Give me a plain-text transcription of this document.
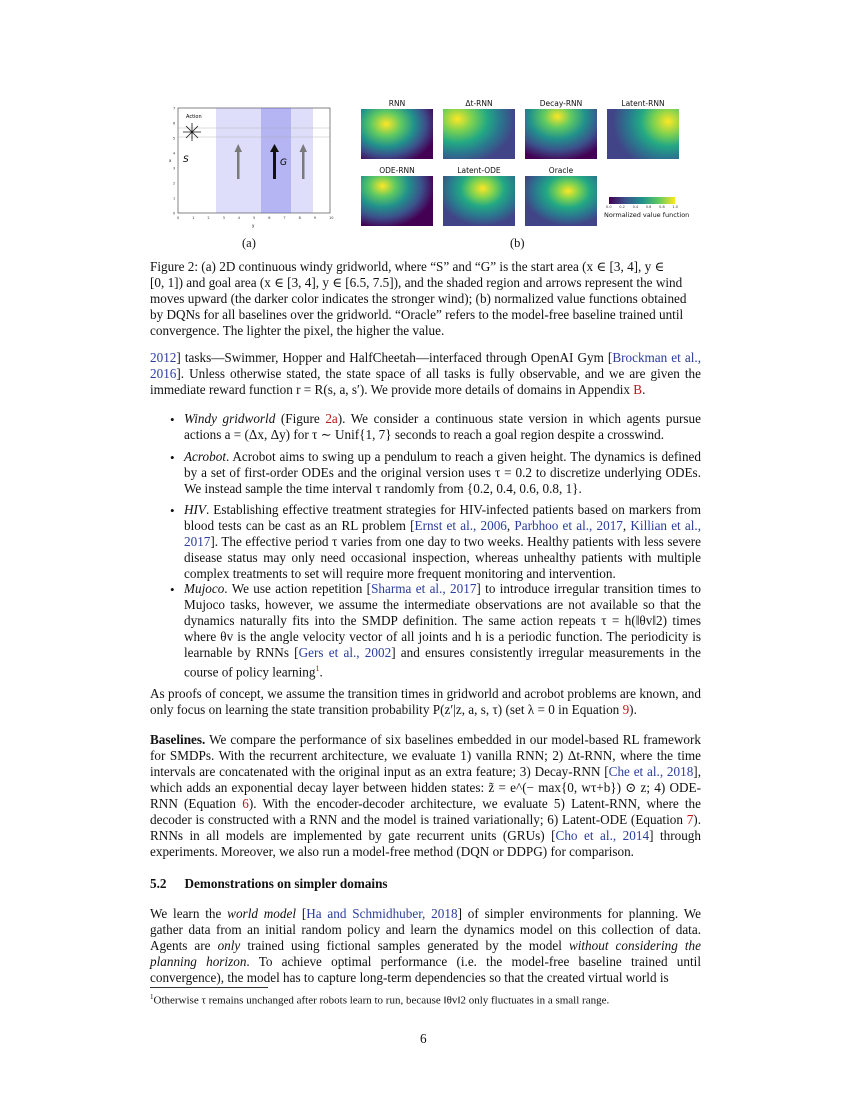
Action
S	G
x
y
0	1	2	3	4	5	6	7	8	9	10
0
1
2
3
4
5
6
7
(a)
RNN	Δt-RNN	Decay-RNN	Latent-RNN
ODE-RNN	Latent-ODE	Oracle
0.0 0.2 0.4 0.6 0.8 1.0
Normalized value function
(b)
Figure 2: (a) 2D continuous windy gridworld, where “S” and “G” is the start area (x ∈ [3, 4], y ∈
[0, 1]) and goal area (x ∈ [3, 4], y ∈ [6.5, 7.5]), and the shaded region and arrows represent the wind
moves upward (the darker color indicates the stronger wind); (b) normalized value functions obtained
by DQNs for all baselines over the gridworld. “Oracle” refers to the model-free baseline trained until
convergence. The lighter the pixel, the higher the value.

2012] tasks—Swimmer, Hopper and HalfCheetah—interfaced through OpenAI Gym [Brockman et al., 2016]. Unless otherwise stated, the state space of all tasks is fully observable, and we are given the immediate reward function r = R(s, a, s′). We provide more details of domains in Appendix B.

• Windy gridworld (Figure 2a). We consider a continuous state version in which agents pursue actions a = (Δx, Δy) for τ ∼ Unif{1, 7} seconds to reach a goal region despite a crosswind.

• Acrobot. Acrobot aims to swing up a pendulum to reach a given height. The dynamics is defined by a set of first-order ODEs and the original version uses τ = 0.2 to discretize underlying ODEs. We instead sample the time interval τ randomly from {0.2, 0.4, 0.6, 0.8, 1}.

• HIV. Establishing effective treatment strategies for HIV-infected patients based on markers from blood tests can be cast as an RL problem [Ernst et al., 2006, Parbhoo et al., 2017, Killian et al., 2017]. The effective period τ varies from one day to two weeks. Healthy patients with less severe disease status may only need occasional inspection, whereas unhealthy patients with multiple complex treatments to set will require more frequent monitoring and intervention.

• Mujoco. We use action repetition [Sharma et al., 2017] to introduce irregular transition times to Mujoco tasks, however, we assume the intermediate observations are not available so that the dynamics naturally fits into the SMDP definition. The same action repeats τ = h(‖θv‖2) times where θv is the angle velocity vector of all joints and h is a periodic function. The periodicity is learnable by RNNs [Gers et al., 2002] and ensures consistently irregular measurements in the course of policy learning$^1$.

As proofs of concept, we assume the transition times in gridworld and acrobot problems are known, and only focus on learning the state transition probability P(z′|z, a, s, τ) (set λ = 0 in Equation 9).

Baselines. We compare the performance of six baselines embedded in our model-based RL framework for SMDPs. With the recurrent architecture, we evaluate 1) vanilla RNN; 2) Δt-RNN, where the time intervals are concatenated with the original input as an extra feature; 3) Decay-RNN [Che et al., 2018], which adds an exponential decay layer between hidden states: z̃ = e^(− max{0, wτ+b}) ⊙ z; 4) ODE-RNN (Equation 6). With the encoder-decoder architecture, we evaluate 5) Latent-RNN, where the decoder is constructed with a RNN and the model is trained variationally; 6) Latent-ODE (Equation 7). RNNs in all models are implemented by gate recurrent units (GRUs) [Cho et al., 2014] through experiments. Moreover, we also run a model-free method (DQN or DDPG) for comparison.

5.2 Demonstrations on simpler domains

We learn the world model [Ha and Schmidhuber, 2018] of simpler environments for planning. We gather data from an initial random policy and learn the dynamics model on this collection of data. Agents are only trained using fictional samples generated by the model without considering the planning horizon. To achieve optimal performance (i.e. the model-free baseline trained until convergence), the model has to capture long-term dependencies so that the created virtual world is

$^1$Otherwise τ remains unchanged after robots learn to run, because ‖θv‖2 only fluctuates in a small range.
6
